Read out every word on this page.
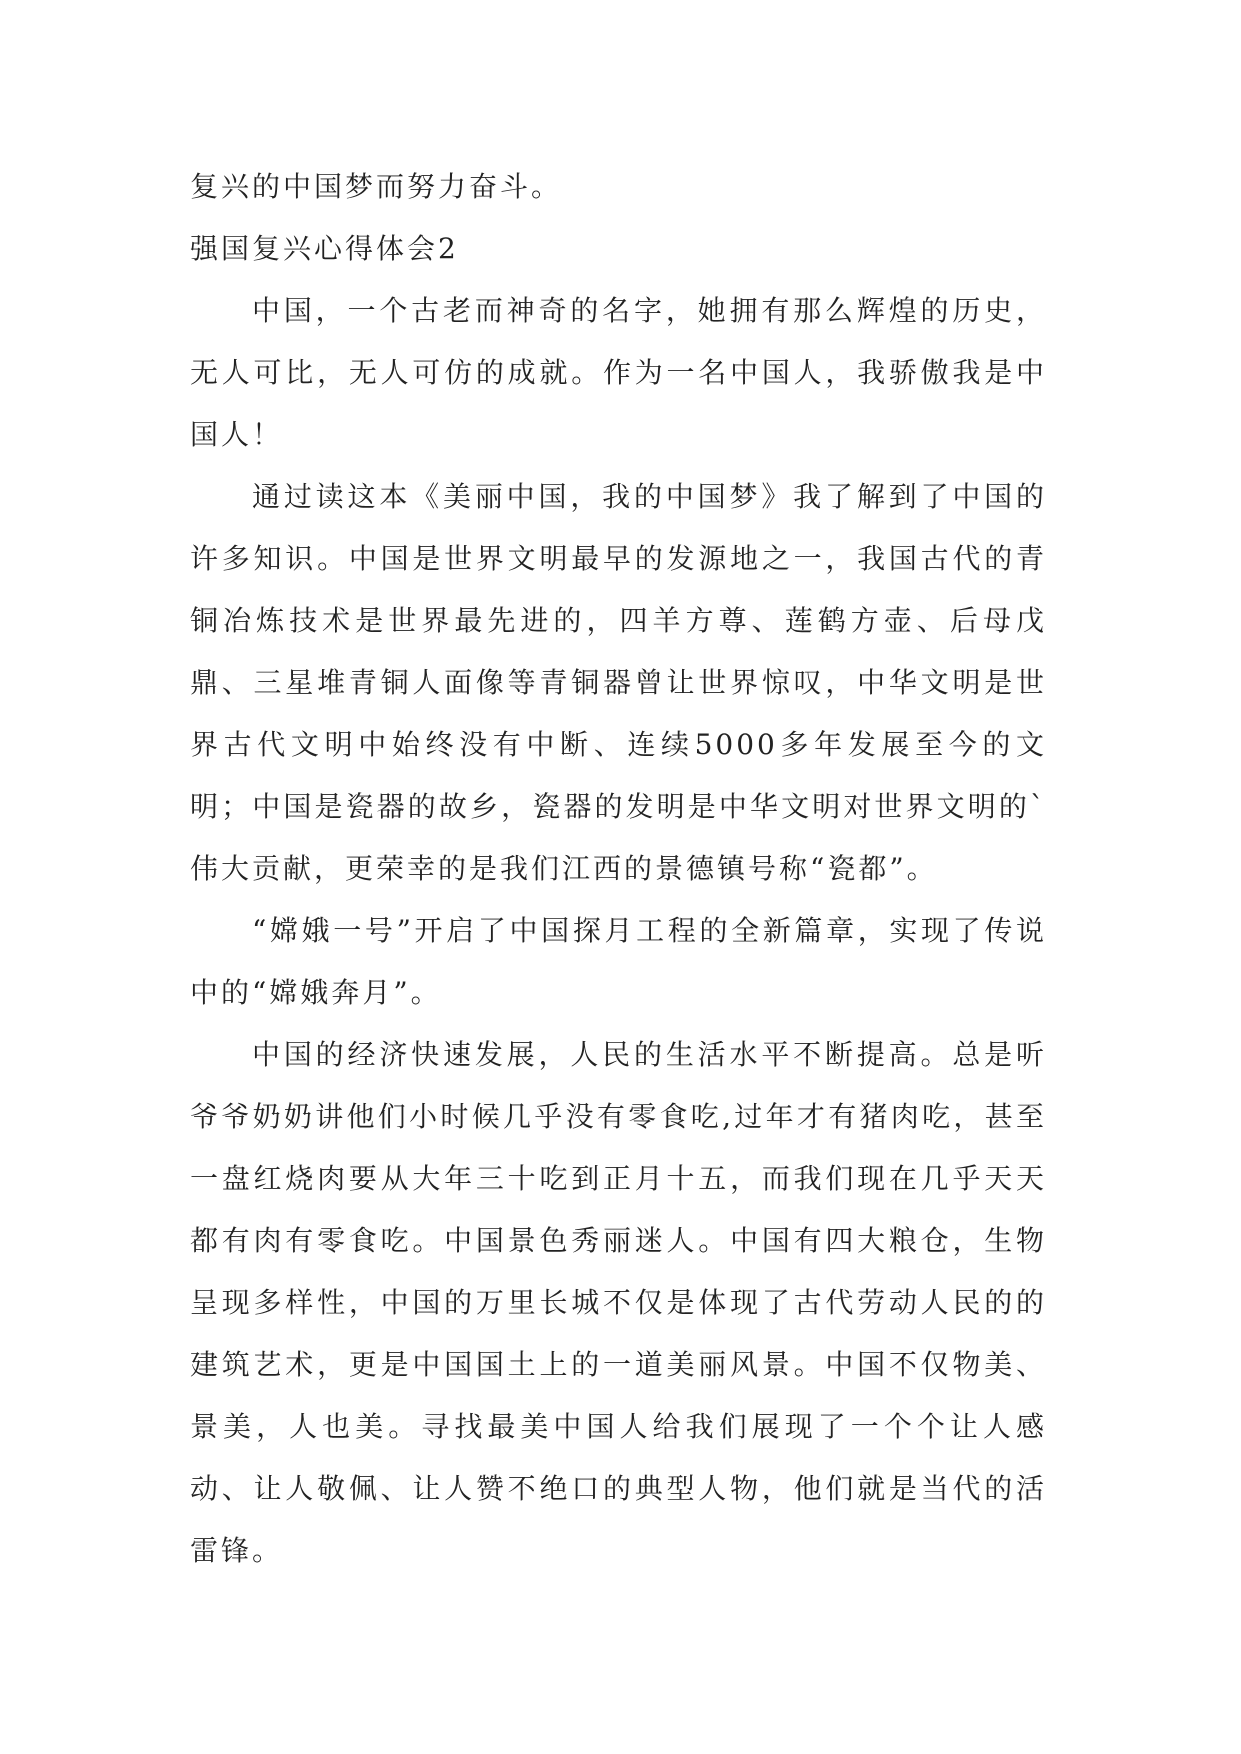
复兴的中国梦而努力奋斗。

强国复兴心得体会2

中国，一个古老而神奇的名字，她拥有那么辉煌的历史，无人可比，无人可仿的成就。作为一名中国人，我骄傲我是中国人！

通过读这本《美丽中国，我的中国梦》我了解到了中国的许多知识。中国是世界文明最早的发源地之一，我国古代的青铜冶炼技术是世界最先进的，四羊方尊、莲鹤方壶、后母戊鼎、三星堆青铜人面像等青铜器曾让世界惊叹，中华文明是世界古代文明中始终没有中断、连续5000多年发展至今的文明；中国是瓷器的故乡，瓷器的发明是中华文明对世界文明的`伟大贡献，更荣幸的是我们江西的景德镇号称“瓷都”。

“嫦娥一号”开启了中国探月工程的全新篇章，实现了传说中的“嫦娥奔月”。

中国的经济快速发展，人民的生活水平不断提高。总是听爷爷奶奶讲他们小时候几乎没有零食吃,过年才有猪肉吃，甚至一盘红烧肉要从大年三十吃到正月十五，而我们现在几乎天天都有肉有零食吃。中国景色秀丽迷人。中国有四大粮仓，生物呈现多样性，中国的万里长城不仅是体现了古代劳动人民的的建筑艺术，更是中国国土上的一道美丽风景。中国不仅物美、景美，人也美。寻找最美中国人给我们展现了一个个让人感动、让人敬佩、让人赞不绝口的典型人物，他们就是当代的活雷锋。
